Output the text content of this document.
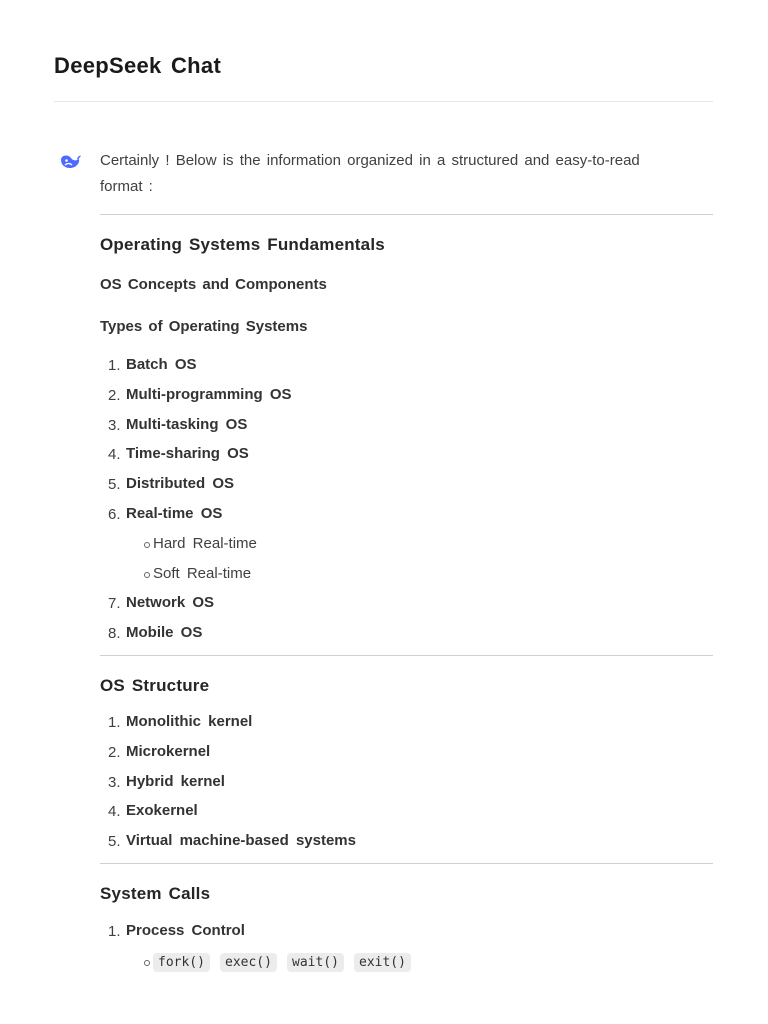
DeepSeek Chat

Certainly ! Below is the information organized in a structured and easy-to-read format :

Operating Systems Fundamentals
OS Concepts and Components
Types of Operating Systems
1. Batch OS
2. Multi-programming OS
3. Multi-tasking OS
4. Time-sharing OS
5. Distributed OS
6. Real-time OS
Hard Real-time
Soft Real-time
7. Network OS
8. Mobile OS
OS Structure
1. Monolithic kernel
2. Microkernel
3. Hybrid kernel
4. Exokernel
5. Virtual machine-based systems
System Calls
1. Process Control
fork()	exec()	wait()	exit()
